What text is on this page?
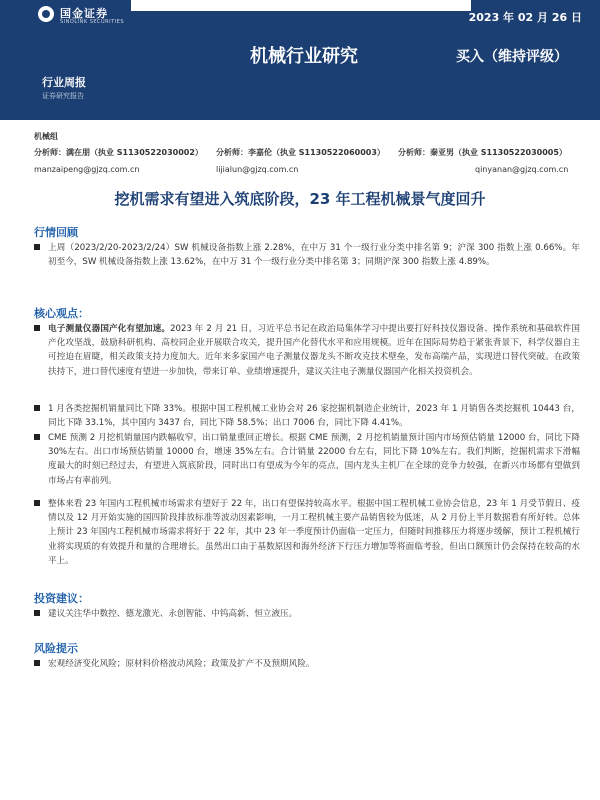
国金证券
SINOLINK SECURITIES	2023 年 02 月 26 日
机械行业研究	买入（维持评级）
行业周报
证券研究报告
机械组
分析师：满在朋（执业 S1130522030002） 分析师：李嘉伦（执业 S1130522060003） 分析师：秦亚男（执业 S1130522030005）
manzaipeng@gjzq.com.cn	lijialun@gjzq.com.cn	qinyanan@gjzq.com.cn
挖机需求有望进入筑底阶段，23 年工程机械景气度回升
行情回顾
上周（2023/2/20-2023/2/24）SW 机械设备指数上涨 2.28%，在中万 31 个一级行业分类中排名第 9；沪深 300 指数上涨 0.66%。年初至今，SW 机械设备指数上涨 13.62%，在中万 31 个一级行业分类中排名第 3；同期沪深 300 指数上涨 4.89%。
核心观点：
电子测量仪器国产化有望加速。2023 年 2 月 21 日，习近平总书记在政治局集体学习中提出要打好科技仪器设备、操作系统和基础软件国产化攻坚战，鼓励科研机构、高校同企业开展联合攻关，提升国产化替代水平和应用规模。近年在国际局势趋于紧张背景下，科学仪器自主可控迫在眉睫，相关政策支持力度加大。近年来多家国产电子测量仪器龙头不断攻克技术壁垒，发布高端产品，实现进口替代突破。在政策扶持下，进口替代速度有望进一步加快，带来订单、业绩增速提升，建议关注电子测量仪器国产化相关投资机会。
1 月各类挖掘机销量同比下降 33%。根据中国工程机械工业协会对 26 家挖掘机制造企业统计，2023 年 1 月销售各类挖掘机 10443 台，同比下降 33.1%，其中国内 3437 台，同比下降 58.5%；出口 7006 台，同比下降 4.41%。
CME 预测 2 月挖机销量国内跌幅收窄，出口销量重回正增长。根据 CME 预测，2 月挖机销量预计国内市场预估销量 12000 台，同比下降 30%左右。出口市场预估销量 10000 台，增速 35%左右。合计销量 22000 台左右，同比下降 10%左右。我们判断，挖掘机需求下滑幅度最大的时刻已经过去，有望进入筑底阶段，同时出口有望成为今年的亮点，国内龙头主机厂在全球的竞争力较强，在新兴市场都有望做到市场占有率前列。
整体来看 23 年国内工程机械市场需求有望好于 22 年，出口有望保持较高水平。根据中国工程机械工业协会信息，23 年 1 月受节假日、疫情以及 12 月开始实施的国四阶段排放标准等波动因素影响，一月工程机械主要产品销售较为低迷，从 2 月份上半月数据看有所好转。总体上预计 23 年国内工程机械市场需求将好于 22 年，其中 23 年一季度预计仍面临一定压力，但随时间推移压力将逐步缓解，预计工程机械行业将实现质的有效提升和量的合理增长。虽然出口由于基数原因和海外经济下行压力增加等将面临考验，但出口额预计仍会保持在较高的水平上。
投资建议：
建议关注华中数控、德龙激光、永创智能、中钨高新、恒立液压。
风险提示
宏观经济变化风险；原材料价格波动风险；政策及扩产不及预期风险。
